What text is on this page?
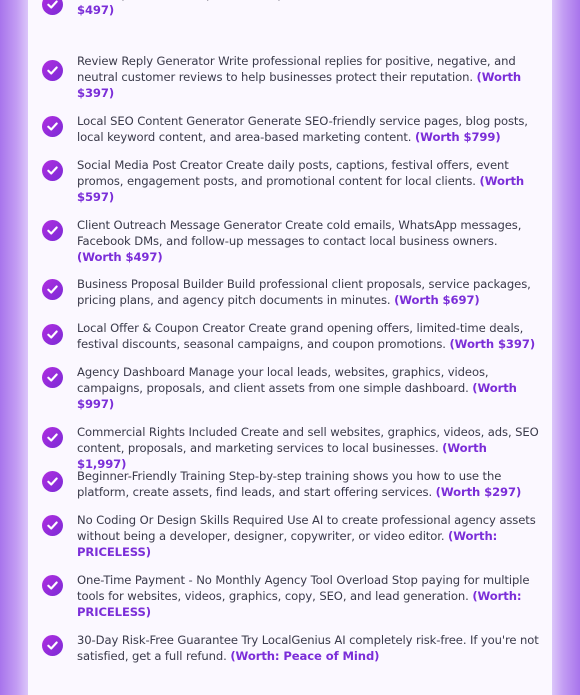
$497)
Review Reply Generator Write professional replies for positive, negative, and neutral customer reviews to help businesses protect their reputation. (Worth $397)
Local SEO Content Generator Generate SEO-friendly service pages, blog posts, local keyword content, and area-based marketing content. (Worth $799)
Social Media Post Creator Create daily posts, captions, festival offers, event promos, engagement posts, and promotional content for local clients. (Worth $597)
Client Outreach Message Generator Create cold emails, WhatsApp messages, Facebook DMs, and follow-up messages to contact local business owners. (Worth $497)
Business Proposal Builder Build professional client proposals, service packages, pricing plans, and agency pitch documents in minutes. (Worth $697)
Local Offer & Coupon Creator Create grand opening offers, limited-time deals, festival discounts, seasonal campaigns, and coupon promotions. (Worth $397)
Agency Dashboard Manage your local leads, websites, graphics, videos, campaigns, proposals, and client assets from one simple dashboard. (Worth $997)
Commercial Rights Included Create and sell websites, graphics, videos, ads, SEO content, proposals, and marketing services to local businesses. (Worth $1,997)
Beginner-Friendly Training Step-by-step training shows you how to use the platform, create assets, find leads, and start offering services. (Worth $297)
No Coding Or Design Skills Required Use AI to create professional agency assets without being a developer, designer, copywriter, or video editor. (Worth: PRICELESS)
One-Time Payment - No Monthly Agency Tool Overload Stop paying for multiple tools for websites, videos, graphics, copy, SEO, and lead generation. (Worth: PRICELESS)
30-Day Risk-Free Guarantee Try LocalGenius AI completely risk-free. If you're not satisfied, get a full refund. (Worth: Peace of Mind)
